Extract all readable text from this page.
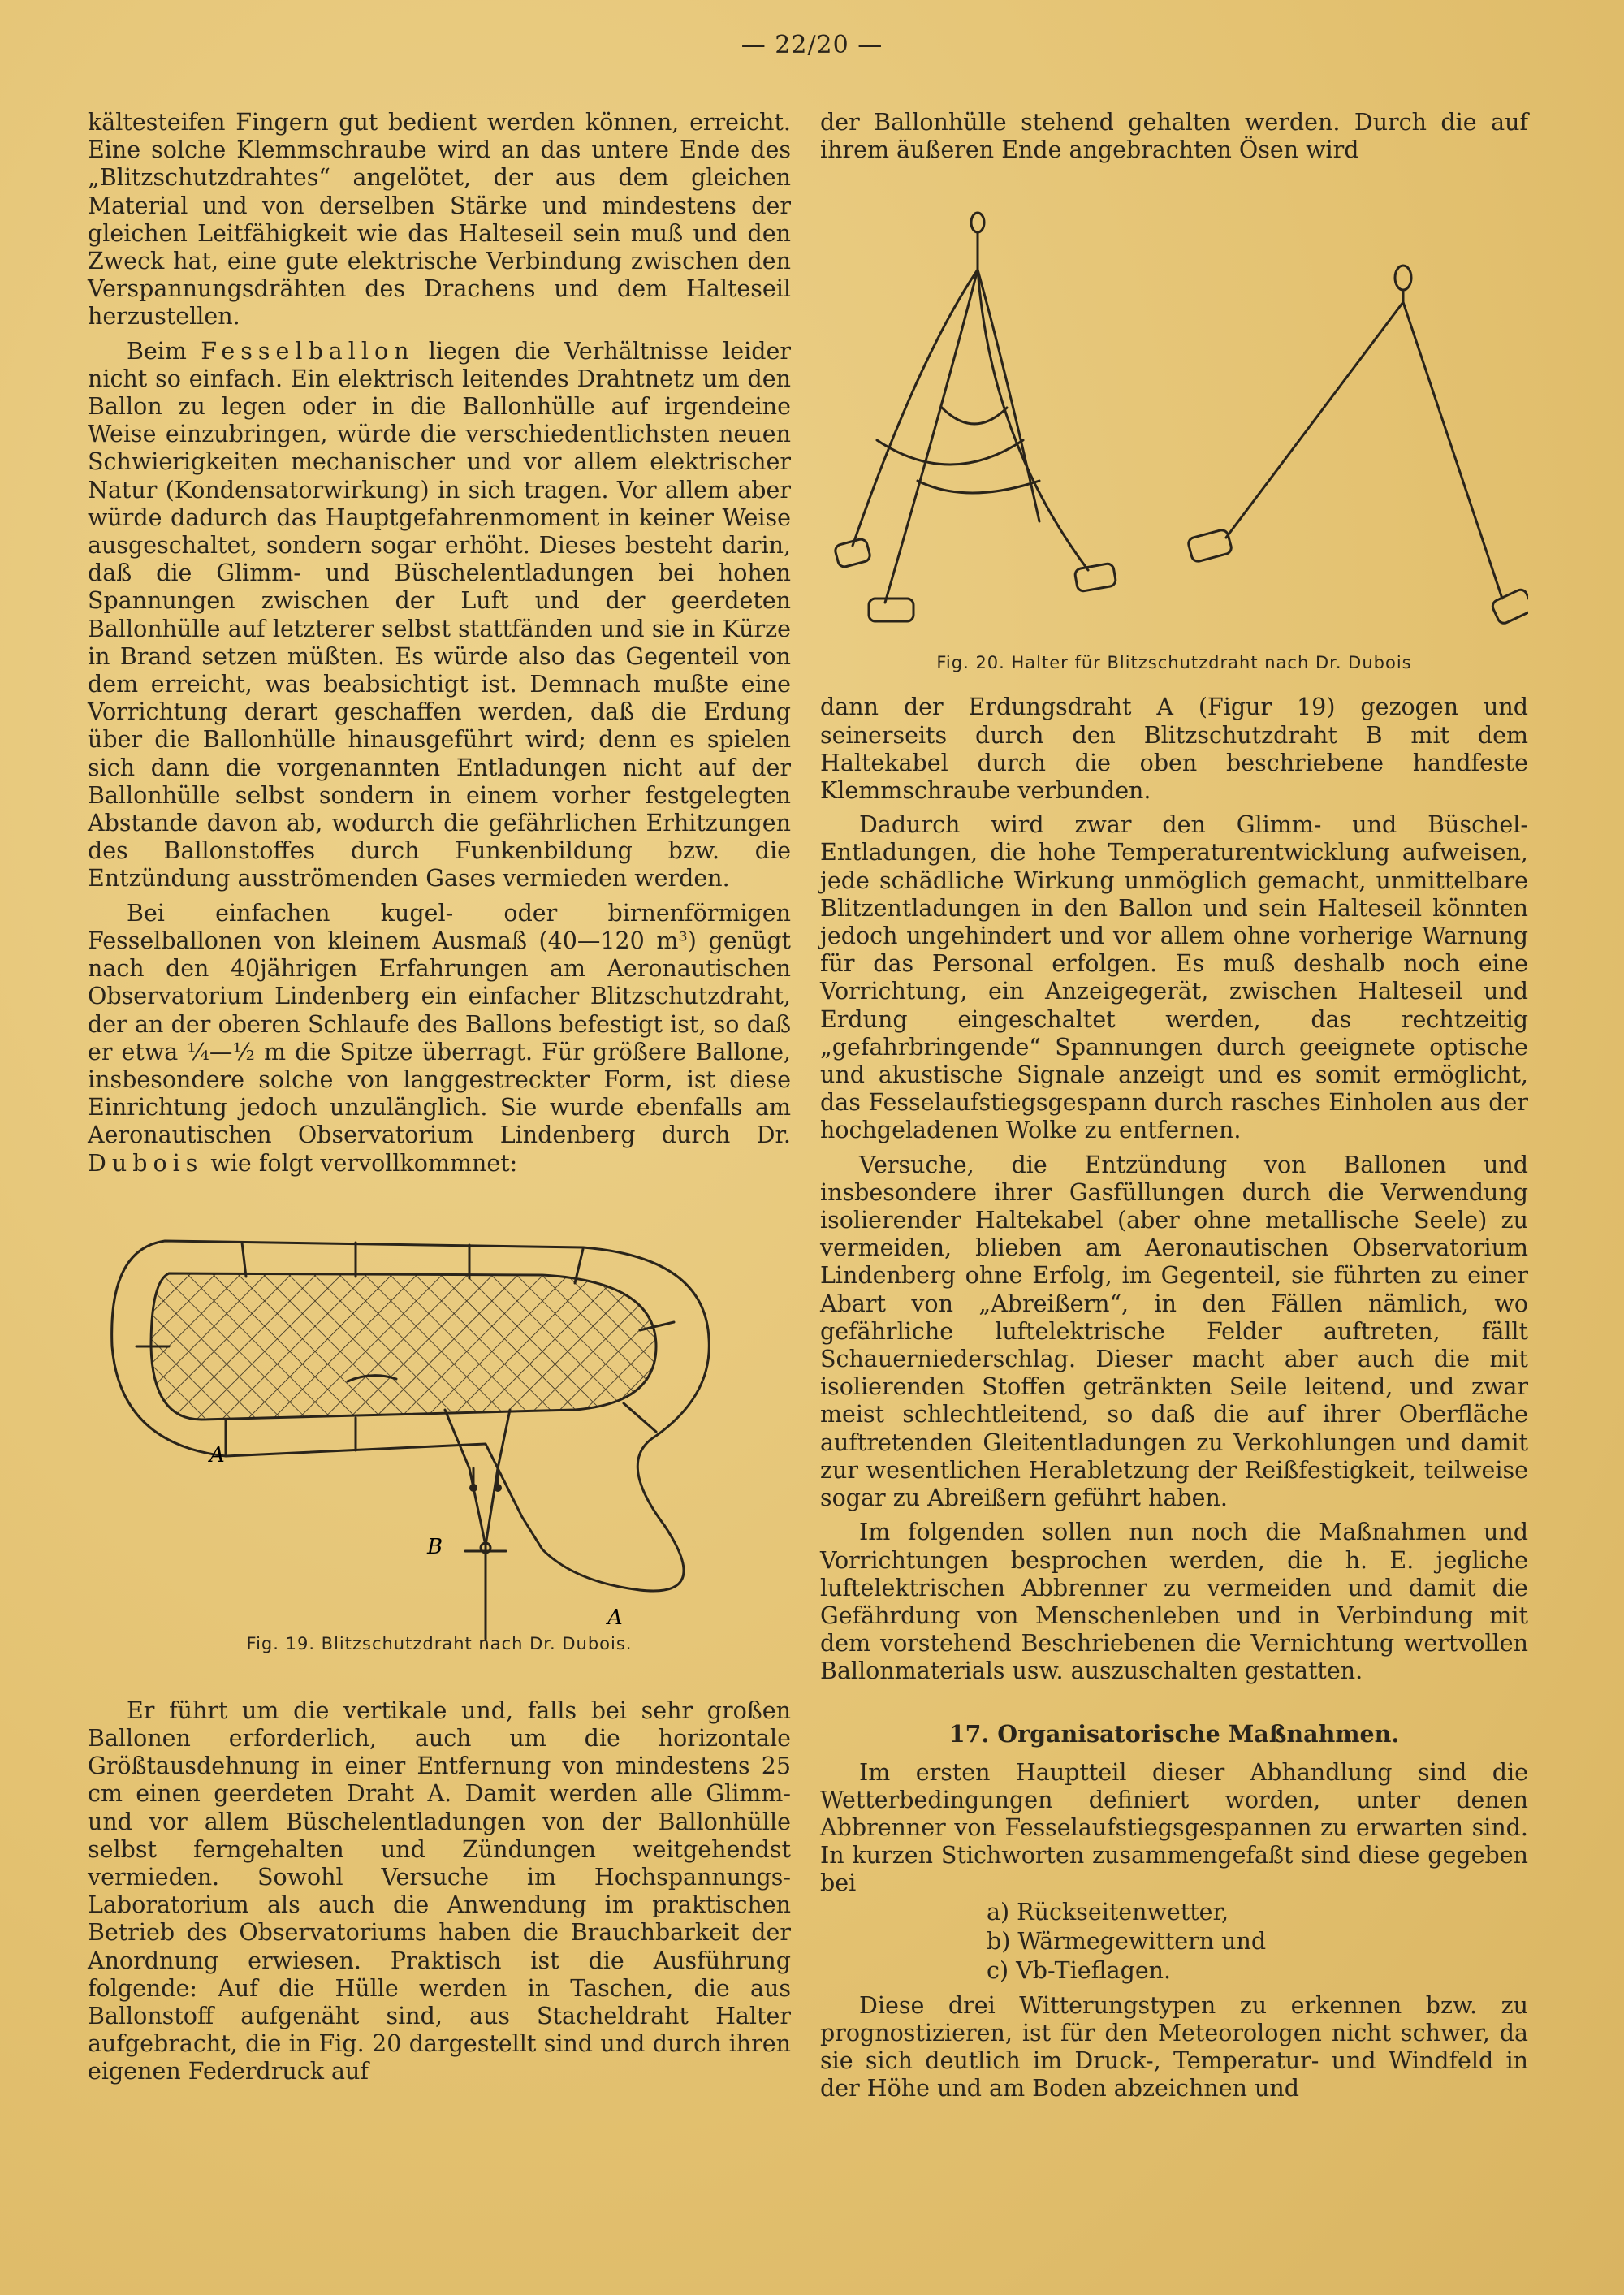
— 22/20 —

kältesteifen Fingern gut bedient werden können, erreicht. Eine solche Klemmschraube wird an das untere Ende des „Blitzschutzdrahtes“ angelötet, der aus dem gleichen Material und von derselben Stärke und mindestens der gleichen Leitfähigkeit wie das Halteseil sein muß und den Zweck hat, eine gute elektrische Verbindung zwischen den Verspannungsdrähten des Drachens und dem Halteseil herzustellen.

Beim Fesselballon liegen die Verhältnisse leider nicht so einfach. Ein elektrisch leitendes Drahtnetz um den Ballon zu legen oder in die Ballonhülle auf irgendeine Weise einzubringen, würde die verschiedentlichsten neuen Schwierigkeiten mechanischer und vor allem elektrischer Natur (Kondensatorwirkung) in sich tragen. Vor allem aber würde dadurch das Hauptgefahrenmoment in keiner Weise ausgeschaltet, sondern sogar erhöht. Dieses besteht darin, daß die Glimm- und Büschelentladungen bei hohen Spannungen zwischen der Luft und der geerdeten Ballonhülle auf letzterer selbst stattfänden und sie in Kürze in Brand setzen müßten. Es würde also das Gegenteil von dem erreicht, was beabsichtigt ist. Demnach mußte eine Vorrichtung derart geschaffen werden, daß die Erdung über die Ballonhülle hinausgeführt wird; denn es spielen sich dann die vorgenannten Entladungen nicht auf der Ballonhülle selbst sondern in einem vorher festgelegten Abstande davon ab, wodurch die gefährlichen Erhitzungen des Ballonstoffes durch Funkenbildung bzw. die Entzündung ausströmenden Gases vermieden werden.

Bei einfachen kugel- oder birnenförmigen Fesselballonen von kleinem Ausmaß (40—120 m³) genügt nach den 40jährigen Erfahrungen am Aeronautischen Observatorium Lindenberg ein einfacher Blitzschutzdraht, der an der oberen Schlaufe des Ballons befestigt ist, so daß er etwa ¼—½ m die Spitze überragt. Für größere Ballone, insbesondere solche von langgestreckter Form, ist diese Einrichtung jedoch unzulänglich. Sie wurde ebenfalls am Aeronautischen Observatorium Lindenberg durch Dr. Dubois wie folgt vervollkommnet:

A
B
A
Fig. 19. Blitzschutzdraht nach Dr. Dubois.

Er führt um die vertikale und, falls bei sehr großen Ballonen erforderlich, auch um die horizontale Größtausdehnung in einer Entfernung von mindestens 25 cm einen geerdeten Draht A. Damit werden alle Glimm- und vor allem Büschelentladungen von der Ballonhülle selbst ferngehalten und Zündungen weitgehendst vermieden. Sowohl Versuche im Hochspannungs-Laboratorium als auch die Anwendung im praktischen Betrieb des Observatoriums haben die Brauchbarkeit der Anordnung erwiesen. Praktisch ist die Ausführung folgende: Auf die Hülle werden in Taschen, die aus Ballonstoff aufgenäht sind, aus Stacheldraht Halter aufgebracht, die in Fig. 20 dargestellt sind und durch ihren eigenen Federdruck auf

der Ballonhülle stehend gehalten werden. Durch die auf ihrem äußeren Ende angebrachten Ösen wird

Fig. 20. Halter für Blitzschutzdraht nach Dr. Dubois

dann der Erdungsdraht A (Figur 19) gezogen und seinerseits durch den Blitzschutzdraht B mit dem Haltekabel durch die oben beschriebene handfeste Klemmschraube verbunden.

Dadurch wird zwar den Glimm- und Büschel-Entladungen, die hohe Temperaturentwicklung aufweisen, jede schädliche Wirkung unmöglich gemacht, unmittelbare Blitzentladungen in den Ballon und sein Halteseil könnten jedoch ungehindert und vor allem ohne vorherige Warnung für das Personal erfolgen. Es muß deshalb noch eine Vorrichtung, ein Anzeigegerät, zwischen Halteseil und Erdung eingeschaltet werden, das rechtzeitig „gefahrbringende“ Spannungen durch geeignete optische und akustische Signale anzeigt und es somit ermöglicht, das Fesselaufstiegsgespann durch rasches Einholen aus der hochgeladenen Wolke zu entfernen.

Versuche, die Entzündung von Ballonen und insbesondere ihrer Gasfüllungen durch die Verwendung isolierender Haltekabel (aber ohne metallische Seele) zu vermeiden, blieben am Aeronautischen Observatorium Lindenberg ohne Erfolg, im Gegenteil, sie führten zu einer Abart von „Abreißern“, in den Fällen nämlich, wo gefährliche luftelektrische Felder auftreten, fällt Schauerniederschlag. Dieser macht aber auch die mit isolierenden Stoffen getränkten Seile leitend, und zwar meist schlechtleitend, so daß die auf ihrer Oberfläche auftretenden Gleitentladungen zu Verkohlungen und damit zur wesentlichen Herabletzung der Reißfestigkeit, teilweise sogar zu Abreißern geführt haben.

Im folgenden sollen nun noch die Maßnahmen und Vorrichtungen besprochen werden, die h. E. jegliche luftelektrischen Abbrenner zu vermeiden und damit die Gefährdung von Menschenleben und in Verbindung mit dem vorstehend Beschriebenen die Vernichtung wertvollen Ballonmaterials usw. auszuschalten gestatten.

17. Organisatorische Maßnahmen.

Im ersten Hauptteil dieser Abhandlung sind die Wetterbedingungen definiert worden, unter denen Abbrenner von Fesselaufstiegsgespannen zu erwarten sind. In kurzen Stichworten zusammengefaßt sind diese gegeben bei

a) Rückseitenwetter,
b) Wärmegewittern und
c) Vb-Tieflagen.

Diese drei Witterungstypen zu erkennen bzw. zu prognostizieren, ist für den Meteorologen nicht schwer, da sie sich deutlich im Druck-, Temperatur- und Windfeld in der Höhe und am Boden abzeichnen und
